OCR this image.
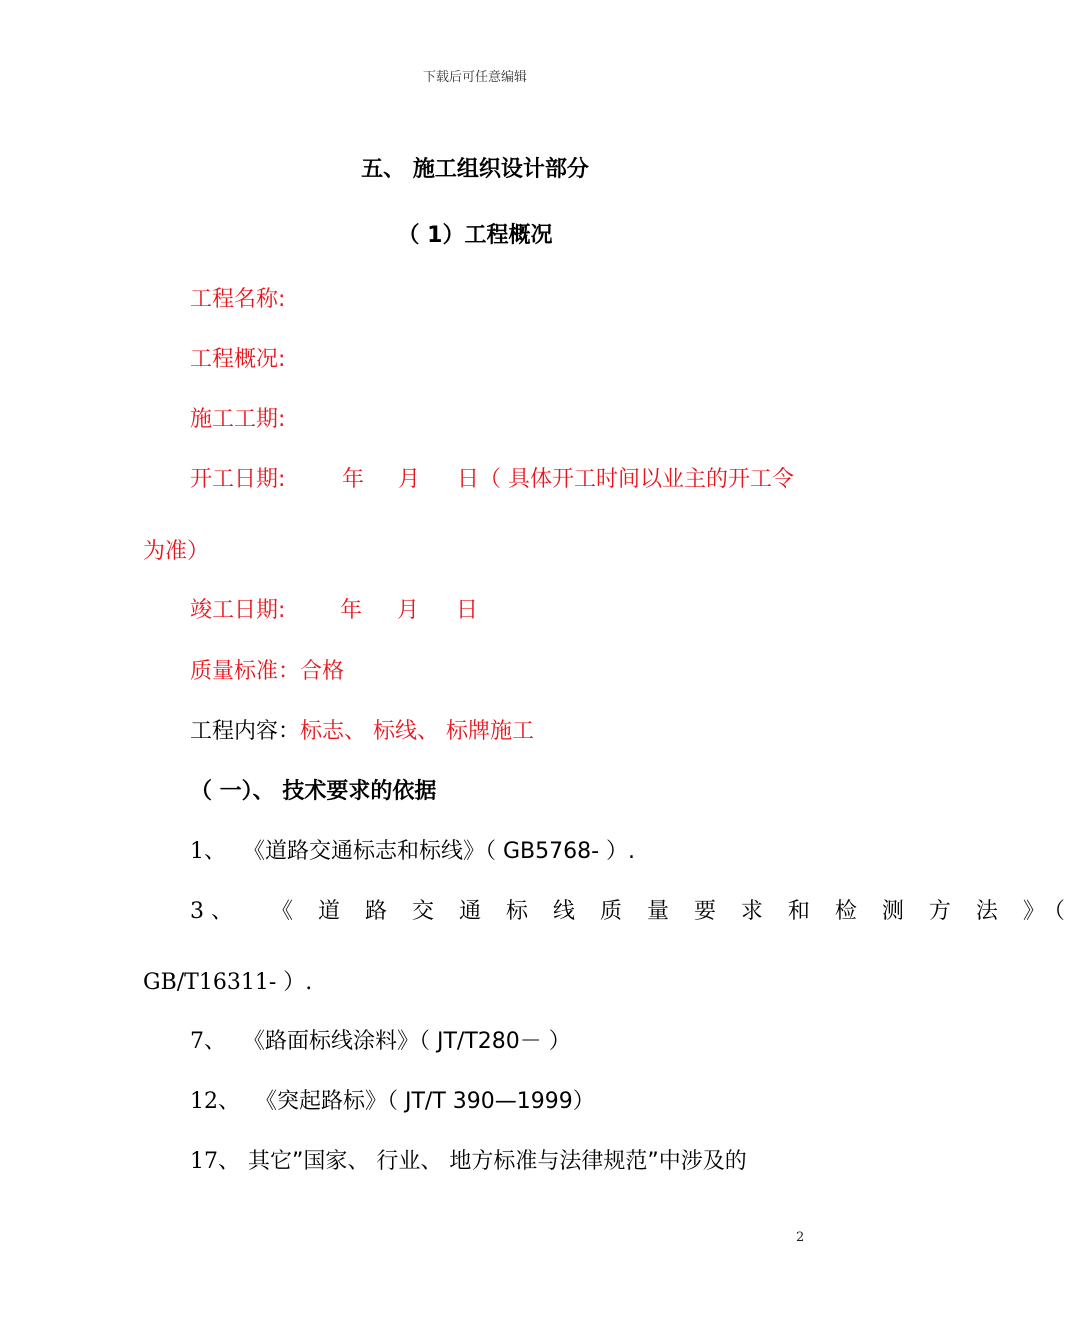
下载后可任意编辑
五、 施工组织设计部分
（ 1）工程概况
工程名称:
工程概况:
施工工期:
开工日期:	年 月 日（ 具体开工时间以业主的开工令
为准）
竣工日期: 年 月 日
质量标准：合格
工程内容：标志、 标线、 标牌施工
（ 一）、 技术要求的依据
1、 《道路交通标志和标线》（ GB5768- ）.
3 、 《 道 路 交 通 标 线 质 量 要 求 和 检 测 方 法 》（
GB/T16311- ）.
7、 《路面标线涂料》（ JT/T280－ ）
12、 《突起路标》（ JT/T 390—1999）
17、 其它”国家、 行业、 地方标准与法律规范”中涉及的
2
